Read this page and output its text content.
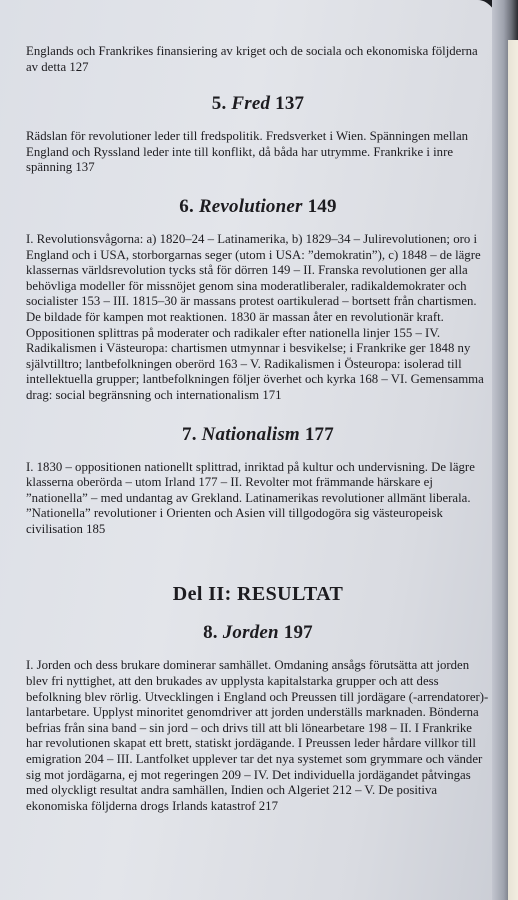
Englands och Frankrikes finansiering av kriget och de sociala och ekonomiska följderna av detta 127

5. Fred 137

Rädslan för revolutioner leder till fredspolitik. Fredsverket i Wien. Spänningen mellan England och Ryssland leder inte till konflikt, då båda har utrymme. Frankrike i inre spänning 137

6. Revolutioner 149

I. Revolutionsvågorna: a) 1820–24 – Latinamerika, b) 1829–34 – Julirevolutionen; oro i England och i USA, storborgarnas seger (utom i USA: ”demokratin”), c) 1848 – de lägre klassernas världsrevolution tycks stå för dörren 149 – II. Franska revolutionen ger alla behövliga modeller för missnöjet genom sina moderatliberaler, radikaldemokrater och socialister 153 – III. 1815–30 är massans protest oartikulerad – bortsett från chartismen. De bildade för kampen mot reaktionen. 1830 är massan åter en revolutionär kraft. Oppositionen splittras på moderater och radikaler efter nationella linjer 155 – IV. Radikalismen i Västeuropa: chartismen utmynnar i besvikelse; i Frankrike ger 1848 ny självtilltro; lantbefolkningen oberörd 163 – V. Radikalismen i Östeuropa: isolerad till intellektuella grupper; lantbefolkningen följer överhet och kyrka 168 – VI. Gemensamma drag: social begränsning och internationalism 171

7. Nationalism 177

I. 1830 – oppositionen nationellt splittrad, inriktad på kultur och undervisning. De lägre klasserna oberörda – utom Irland 177 – II. Revolter mot främmande härskare ej ”nationella” – med undantag av Grekland. Latinamerikas revolutioner allmänt liberala. ”Nationella” revolutioner i Orienten och Asien vill tillgodogöra sig västeuropeisk civilisation 185

Del II: RESULTAT
8. Jorden 197

I. Jorden och dess brukare dominerar samhället. Omdaning ansågs förutsätta att jorden blev fri nyttighet, att den brukades av upplysta kapitalstarka grupper och att dess befolkning blev rörlig. Utvecklingen i England och Preussen till jordägare (-arrendatorer)-lantarbetare. Upplyst minoritet genomdriver att jorden underställs marknaden. Bönderna befrias från sina band – sin jord – och drivs till att bli lönearbetare 198 – II. I Frankrike har revolutionen skapat ett brett, statiskt jordägande. I Preussen leder hårdare villkor till emigration 204 – III. Lantfolket upplever tar det nya systemet som grymmare och vänder sig mot jordägarna, ej mot regeringen 209 – IV. Det individuella jordägandet påtvingas med olyckligt resultat andra samhällen, Indien och Algeriet 212 – V. De positiva ekonomiska följderna drogs Irlands katastrof 217
